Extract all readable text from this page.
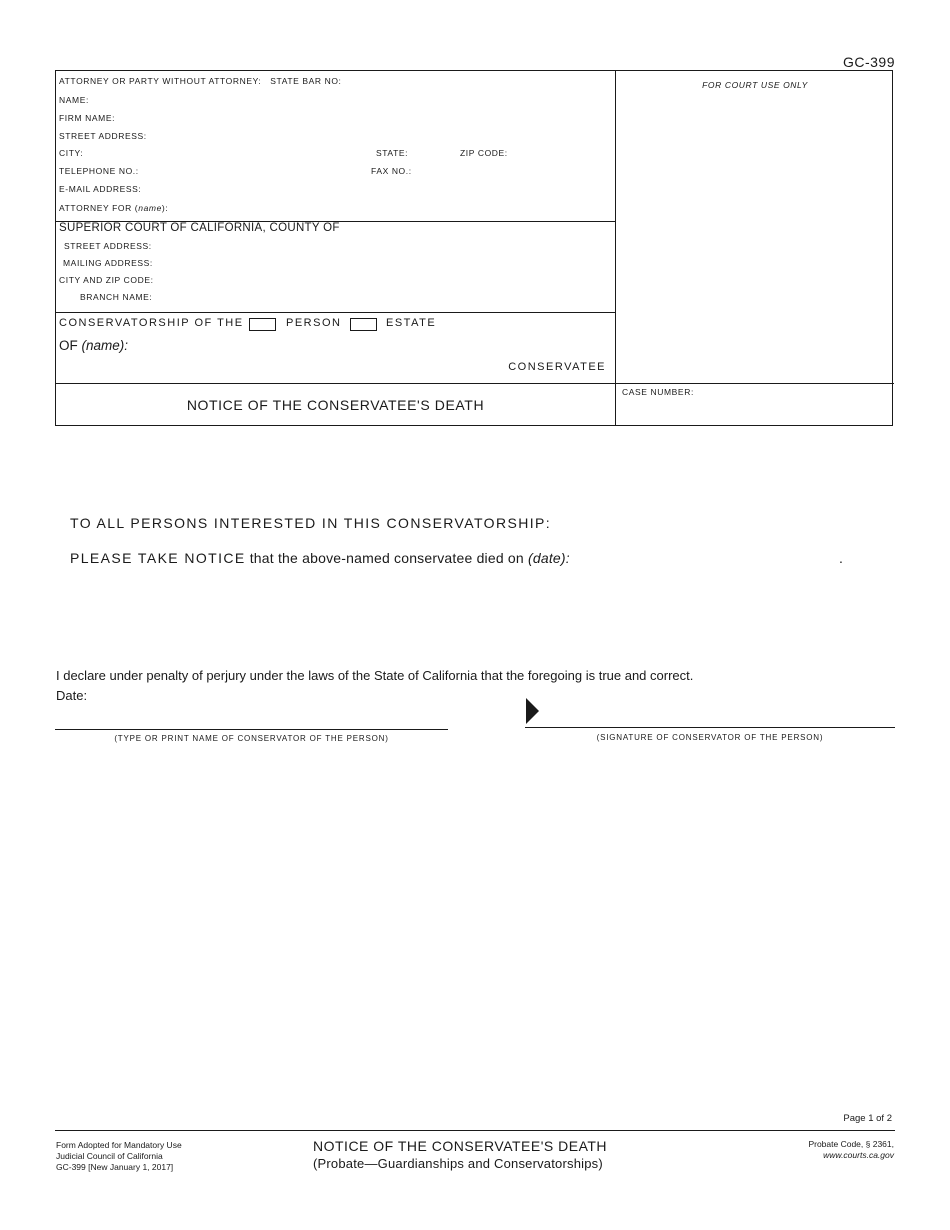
GC-399
ATTORNEY OR PARTY WITHOUT ATTORNEY: STATE BAR NO:
NAME:
FIRM NAME:
STREET ADDRESS:
CITY:	STATE:	ZIP CODE:
TELEPHONE NO.:	FAX NO.:
E-MAIL ADDRESS:
ATTORNEY FOR (name):
SUPERIOR COURT OF CALIFORNIA, COUNTY OF
STREET ADDRESS:
MAILING ADDRESS:
CITY AND ZIP CODE:
BRANCH NAME:
CONSERVATORSHIP OF THE	PERSON	ESTATE
OF (name):
CONSERVATEE
NOTICE OF THE CONSERVATEE'S DEATH
FOR COURT USE ONLY
CASE NUMBER:
TO ALL PERSONS INTERESTED IN THIS CONSERVATORSHIP:
PLEASE TAKE NOTICE that the above-named conservatee died on (date):	.
I declare under penalty of perjury under the laws of the State of California that the foregoing is true and correct.
Date:
(TYPE OR PRINT NAME OF CONSERVATOR OF THE PERSON)	(SIGNATURE OF CONSERVATOR OF THE PERSON)
Page 1 of 2
Form Adopted for Mandatory Use
Judicial Council of California
GC-399 [New January 1, 2017]
NOTICE OF THE CONSERVATEE'S DEATH
(Probate—Guardianships and Conservatorships)
Probate Code, § 2361,
www.courts.ca.gov
